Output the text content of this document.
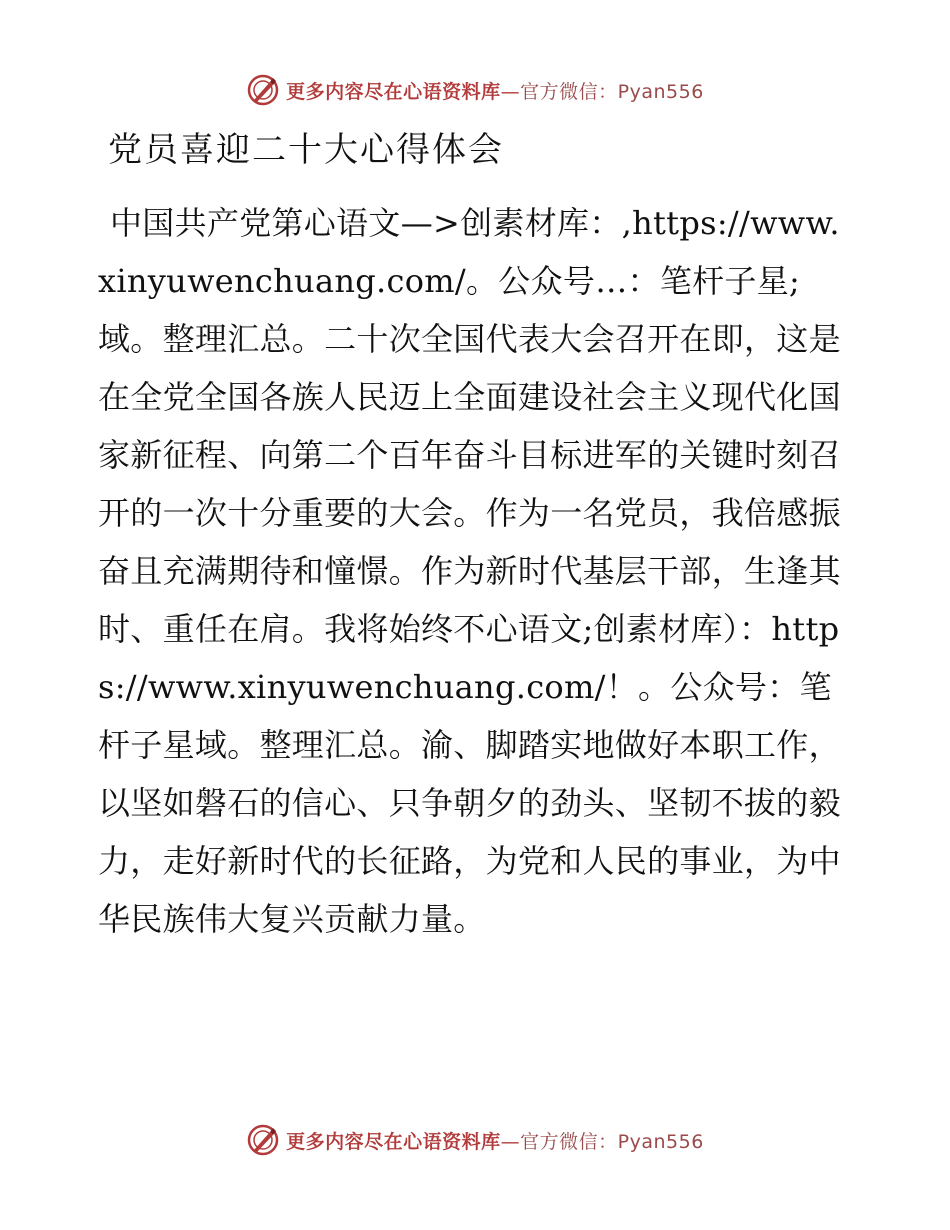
更多内容尽在心语资料库—官方微信：Pyan556
党员喜迎二十大心得体会

中国共产党第心语文—>创素材库：,https://www.xinyuwenchuang.com/。公众号…：笔杆子星;域。整理汇总。二十次全国代表大会召开在即，这是在全党全国各族人民迈上全面建设社会主义现代化国家新征程、向第二个百年奋斗目标进军的关键时刻召开的一次十分重要的大会。作为一名党员，我倍感振奋且充满期待和憧憬。作为新时代基层干部，生逢其时、重任在肩。我将始终不心语文;创素材库）：https://www.xinyuwenchuang.com/！。公众号：笔杆子星域。整理汇总。渝、脚踏实地做好本职工作，以坚如磐石的信心、只争朝夕的劲头、坚韧不拔的毅力，走好新时代的长征路，为党和人民的事业，为中华民族伟大复兴贡献力量。

更多内容尽在心语资料库—官方微信：Pyan556
